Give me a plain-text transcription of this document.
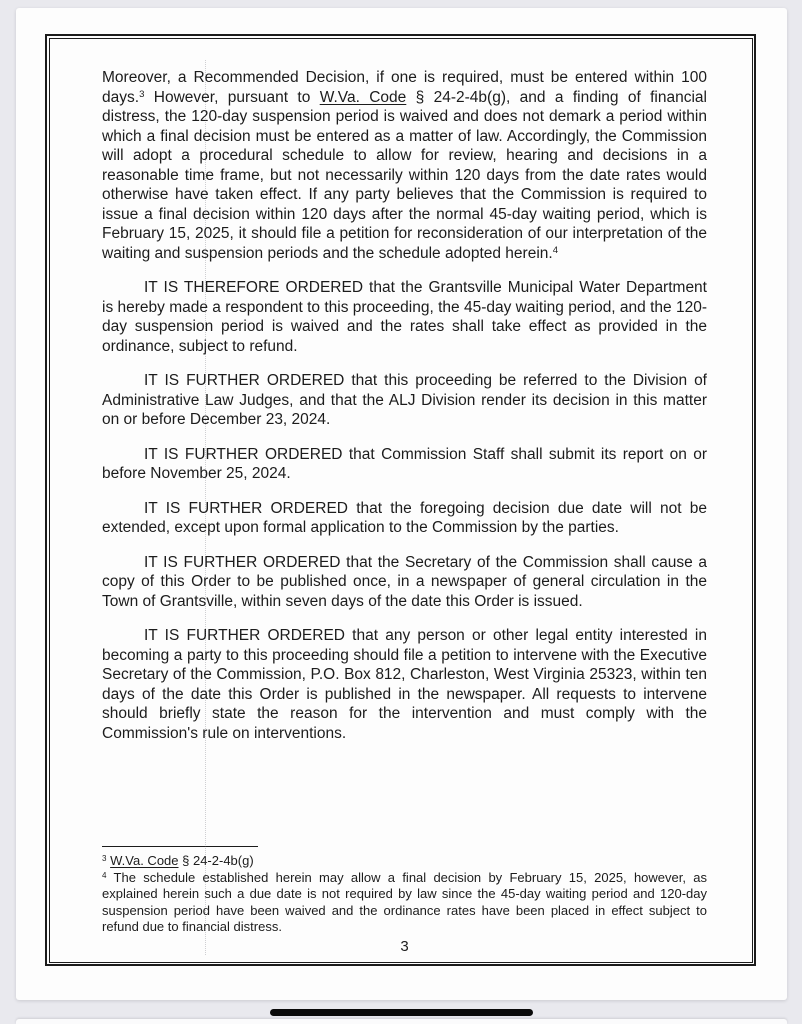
Moreover, a Recommended Decision, if one is required, must be entered within 100 days.$^3$ However, pursuant to W.Va. Code § 24-2-4b(g), and a finding of financial distress, the 120-day suspension period is waived and does not demark a period within which a final decision must be entered as a matter of law. Accordingly, the Commission will adopt a procedural schedule to allow for review, hearing and decisions in a reasonable time frame, but not necessarily within 120 days from the date rates would otherwise have taken effect. If any party believes that the Commission is required to issue a final decision within 120 days after the normal 45-day waiting period, which is February 15, 2025, it should file a petition for reconsideration of our interpretation of the waiting and suspension periods and the schedule adopted herein.$^4$

IT IS THEREFORE ORDERED that the Grantsville Municipal Water Department is hereby made a respondent to this proceeding, the 45-day waiting period, and the 120-day suspension period is waived and the rates shall take effect as provided in the ordinance, subject to refund.

IT IS FURTHER ORDERED that this proceeding be referred to the Division of Administrative Law Judges, and that the ALJ Division render its decision in this matter on or before December 23, 2024.

IT IS FURTHER ORDERED that Commission Staff shall submit its report on or before November 25, 2024.

IT IS FURTHER ORDERED that the foregoing decision due date will not be extended, except upon formal application to the Commission by the parties.

IT IS FURTHER ORDERED that the Secretary of the Commission shall cause a copy of this Order to be published once, in a newspaper of general circulation in the Town of Grantsville, within seven days of the date this Order is issued.

IT IS FURTHER ORDERED that any person or other legal entity interested in becoming a party to this proceeding should file a petition to intervene with the Executive Secretary of the Commission, P.O. Box 812, Charleston, West Virginia 25323, within ten days of the date this Order is published in the newspaper. All requests to intervene should briefly state the reason for the intervention and must comply with the Commission's rule on interventions.

$^3$ W.Va. Code § 24-2-4b(g)

$^4$ The schedule established herein may allow a final decision by February 15, 2025, however, as explained herein such a due date is not required by law since the 45-day waiting period and 120-day suspension period have been waived and the ordinance rates have been placed in effect subject to refund due to financial distress.

3
